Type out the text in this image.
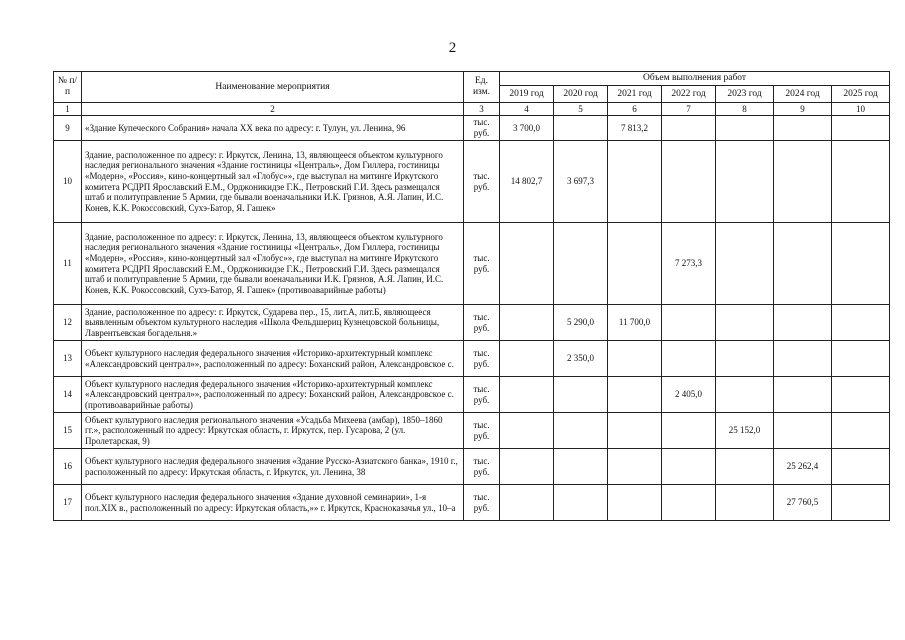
2
№ п/п	Наименование мероприятия	Ед. изм.	Объем выполнения работ						
			2019 год	2020 год	2021 год	2022 год	2023 год	2024 год	2025 год
1	2	3	4	5	6	7	8	9	10
9	«Здание Купеческого Собрания» начала XX века по адресу: г. Тулун, ул. Ленина, 96	тыс. руб.	3 700,0		7 813,2				
10	Здание, расположенное по адресу: г. Иркутск, Ленина, 13, являющееся объектом культурного наследия регионального значения «Здание гостиницы «Централь», Дом Гиллера, гостиницы «Модерн», «Россия», кино-концертный зал «Глобус»», где выступал на митинге Иркутского комитета РСДРП Ярославский Е.М., Орджоникидзе Г.К., Петровский Г.И. Здесь размещался штаб и политуправление 5 Армии, где бывали военачальники И.К. Грязнов, А.Я. Лапин, И.С. Конев, К.К. Рокоссовский, Сухэ-Батор, Я. Гашек»	тыс. руб.	14 802,7	3 697,3					
11	Здание, расположенное по адресу: г. Иркутск, Ленина, 13, являющееся объектом культурного наследия регионального значения «Здание гостиницы «Централь», Дом Гиллера, гостиницы «Модерн», «Россия», кино-концертный зал «Глобус»», где выступал на митинге Иркутского комитета РСДРП Ярославский Е.М., Орджоникидзе Г.К., Петровский Г.И. Здесь размещался штаб и политуправление 5 Армии, где бывали военачальники И.К. Грязнов, А.Я. Лапин, И.С. Конев, К.К. Рокоссовский, Сухэ-Батор, Я. Гашек» (противоаварийные работы)	тыс. руб.				7 273,3			
12	Здание, расположенное по адресу: г. Иркутск, Сударева пер., 15, лит.А, лит.Б, являющееся выявленным объектом культурного наследия «Школа Фельдшериц Кузнецовской больницы, Лаврентьевская богадельня.»	тыс. руб.		5 290,0	11 700,0				
13	Объект культурного наследия федерального значения «Историко-архитектурный комплекс «Александровский централ»», расположенный по адресу: Боханский район, Александровское с.	тыс. руб.		2 350,0					
14	Объект культурного наследия федерального значения «Историко-архитектурный комплекс «Александровский централ»», расположенный по адресу: Боханский район, Александровское с. (противоаварийные работы)	тыс. руб.				2 405,0			
15	Объект культурного наследия регионального значения «Усадьба Михеева (амбар), 1850–1860 гг.», расположенный по адресу: Иркутская область, г. Иркутск, пер. Гусарова, 2 (ул. Пролетарская, 9)	тыс. руб.					25 152,0		
16	Объект культурного наследия федерального значения «Здание Русско-Азиатского банка», 1910 г., расположенный по адресу: Иркутская область, г. Иркутск, ул. Ленина, 38	тыс. руб.						25 262,4	
17	Объект культурного наследия федерального значения «Здание духовной семинарии», 1-я пол.XIX в., расположенный по адресу: Иркутская область,»» г. Иркутск, Красноказачья ул., 10–а	тыс. руб.						27 760,5	
